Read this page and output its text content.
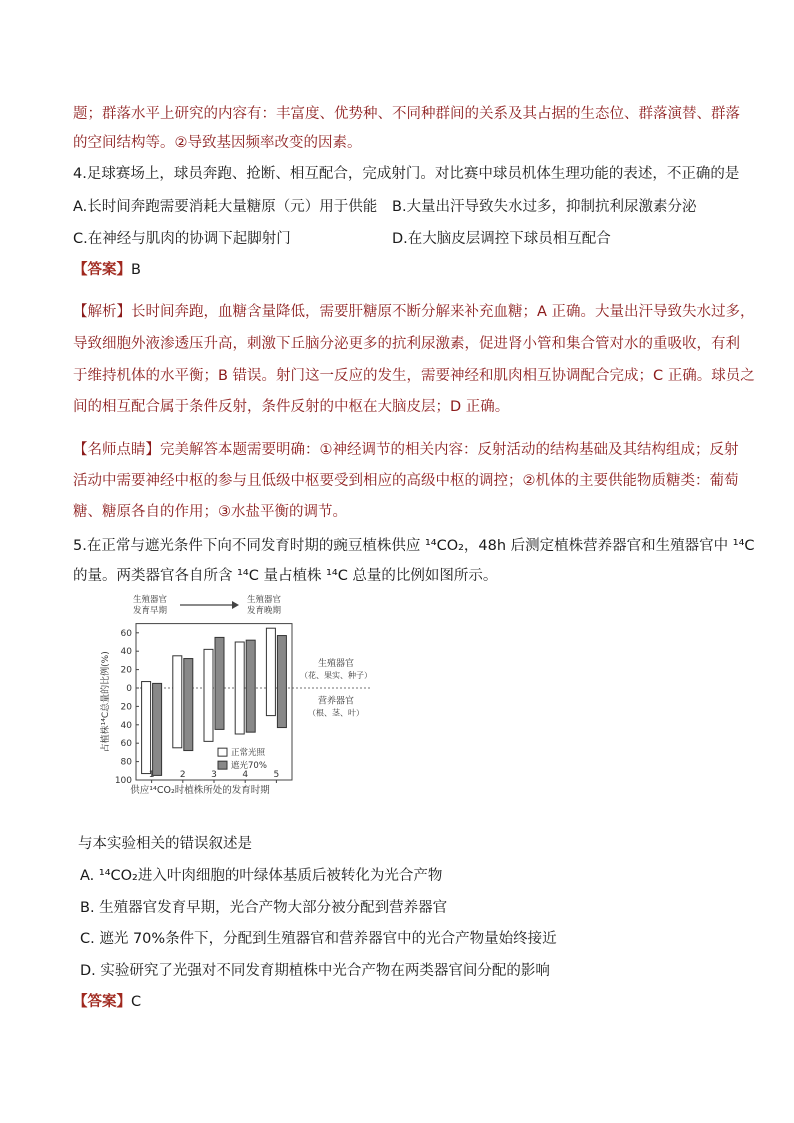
题；群落水平上研究的内容有：丰富度、优势种、不同种群间的关系及其占据的生态位、群落演替、群落
的空间结构等。②导致基因频率改变的因素。
4.足球赛场上，球员奔跑、抢断、相互配合，完成射门。对比赛中球员机体生理功能的表述，不正确的是
A.长时间奔跑需要消耗大量糖原（元）用于供能 B.大量出汗导致失水过多，抑制抗利尿激素分泌
C.在神经与肌肉的协调下起脚射门	D.在大脑皮层调控下球员相互配合
【答案】B
【解析】长时间奔跑，血糖含量降低，需要肝糖原不断分解来补充血糖；A 正确。大量出汗导致失水过多，
导致细胞外液渗透压升高，刺激下丘脑分泌更多的抗利尿激素，促进肾小管和集合管对水的重吸收，有利
于维持机体的水平衡；B 错误。射门这一反应的发生，需要神经和肌肉相互协调配合完成；C 正确。球员之
间的相互配合属于条件反射，条件反射的中枢在大脑皮层；D 正确。
【名师点睛】完美解答本题需要明确：①神经调节的相关内容：反射活动的结构基础及其结构组成；反射
活动中需要神经中枢的参与且低级中枢要受到相应的高级中枢的调控；②机体的主要供能物质糖类：葡萄
糖、糖原各自的作用；③水盐平衡的调节。
5.在正常与遮光条件下向不同发育时期的豌豆植株供应 ¹⁴CO₂，48h 后测定植株营养器官和生殖器官中 ¹⁴C
的量。两类器官各自所含 ¹⁴C 量占植株 ¹⁴C 总量的比例如图所示。
60
40
20
0
20
40
60
80
100
占植株¹⁴C总量的比例(%)
1	2	3	4	5
供应¹⁴CO₂时植株所处的发育时期
生殖器官
发育早期
生殖器官
发育晚期
生殖器官
（花、果实、种子）
营养器官
（根、茎、叶）
正常光照
遮光70%
与本实验相关的错误叙述是
A. ¹⁴CO₂进入叶肉细胞的叶绿体基质后被转化为光合产物
B. 生殖器官发育早期，光合产物大部分被分配到营养器官
C. 遮光 70%条件下，分配到生殖器官和营养器官中的光合产物量始终接近
D. 实验研究了光强对不同发育期植株中光合产物在两类器官间分配的影响
【答案】C
